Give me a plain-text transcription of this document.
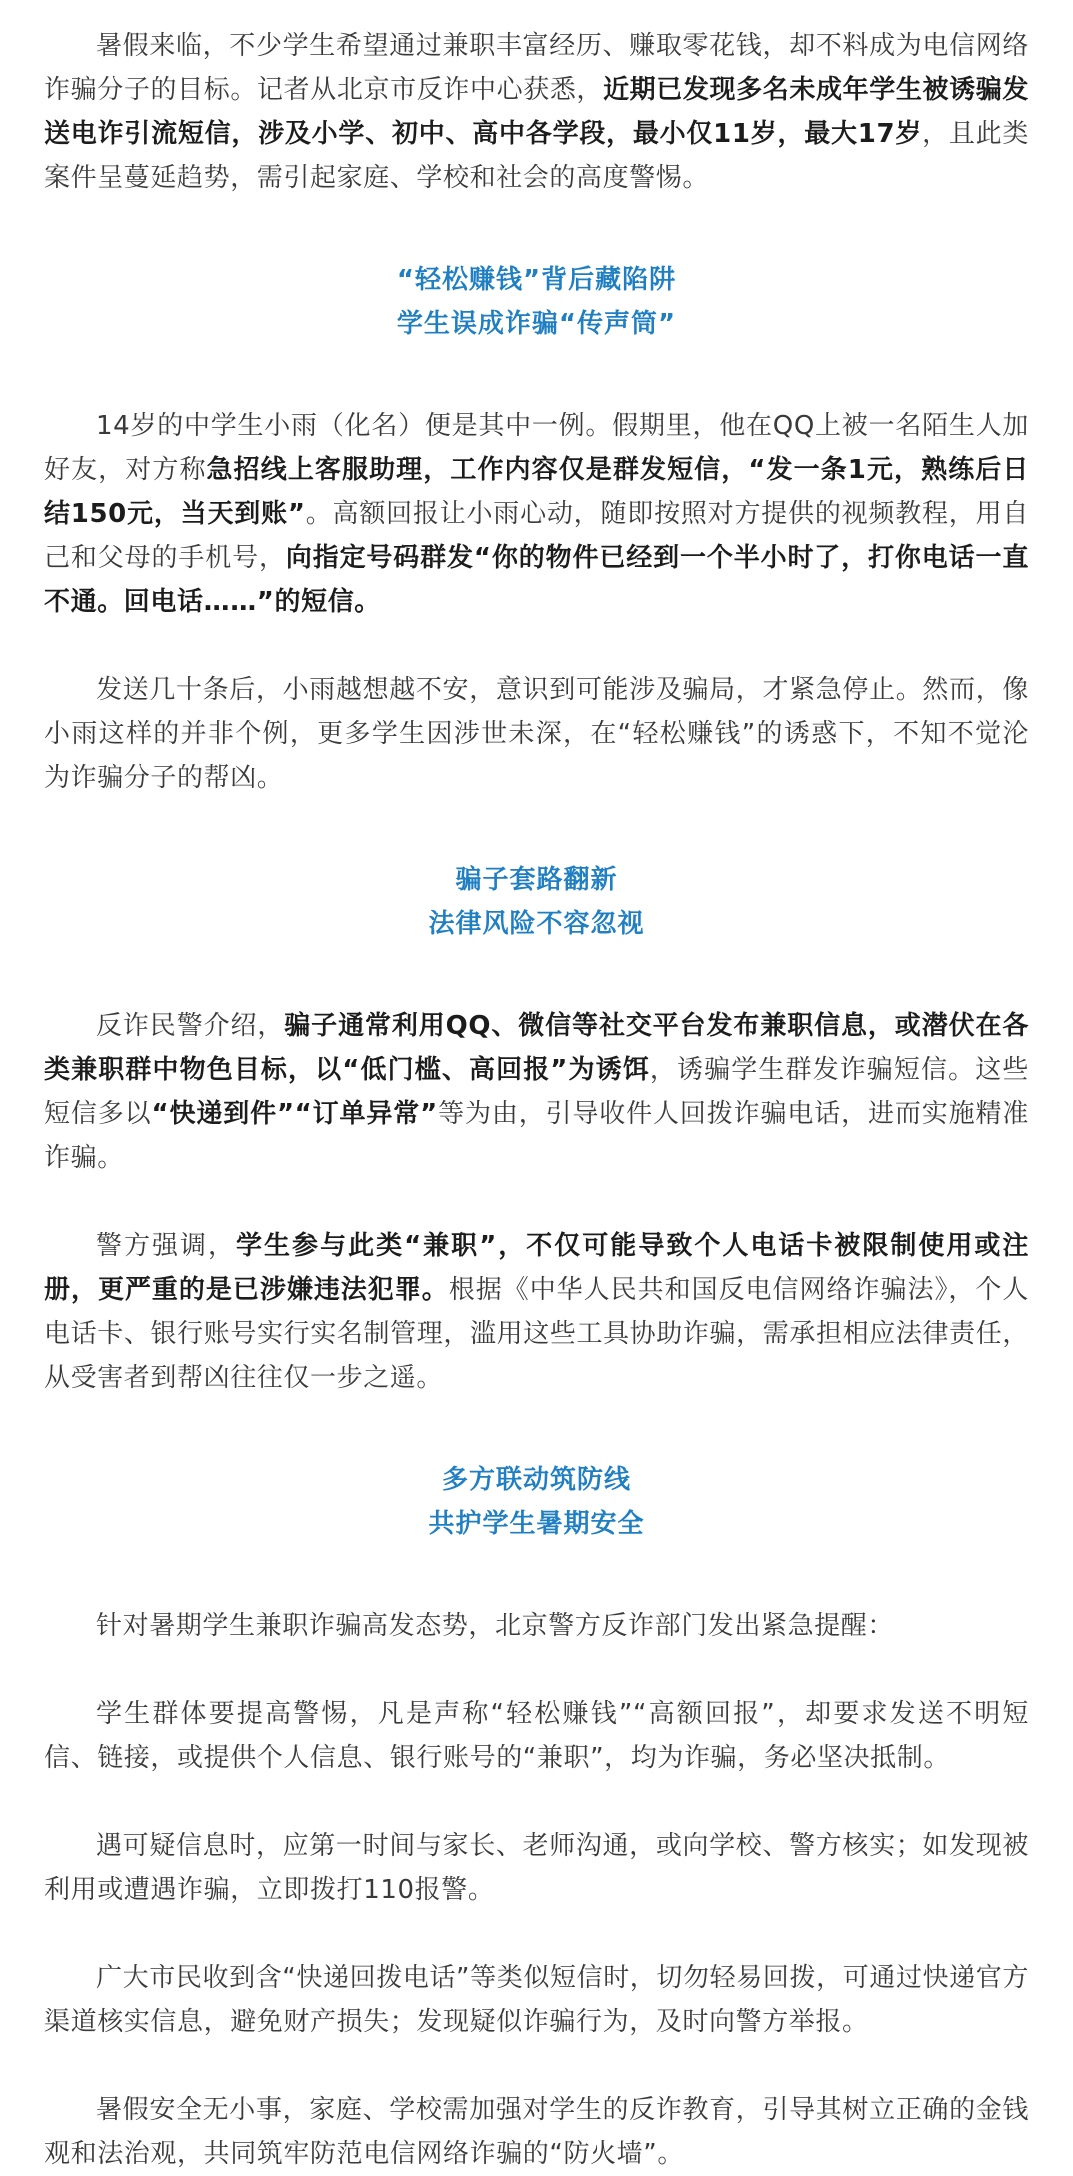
暑假来临，不少学生希望通过兼职丰富经历、赚取零花钱，却不料成为电信网络诈骗分子的目标。记者从北京市反诈中心获悉，近期已发现多名未成年学生被诱骗发送电诈引流短信，涉及小学、初中、高中各学段，最小仅11岁，最大17岁，且此类案件呈蔓延趋势，需引起家庭、学校和社会的高度警惕。

“轻松赚钱”背后藏陷阱
学生误成诈骗“传声筒”

14岁的中学生小雨（化名）便是其中一例。假期里，他在QQ上被一名陌生人加好友，对方称急招线上客服助理，工作内容仅是群发短信，“发一条1元，熟练后日结150元，当天到账”。高额回报让小雨心动，随即按照对方提供的视频教程，用自己和父母的手机号，向指定号码群发“你的物件已经到一个半小时了，打你电话一直不通。回电话……”的短信。

发送几十条后，小雨越想越不安，意识到可能涉及骗局，才紧急停止。然而，像小雨这样的并非个例，更多学生因涉世未深，在“轻松赚钱”的诱惑下，不知不觉沦为诈骗分子的帮凶。

骗子套路翻新
法律风险不容忽视

反诈民警介绍，骗子通常利用QQ、微信等社交平台发布兼职信息，或潜伏在各类兼职群中物色目标，以“低门槛、高回报”为诱饵，诱骗学生群发诈骗短信。这些短信多以“快递到件”“订单异常”等为由，引导收件人回拨诈骗电话，进而实施精准诈骗。

警方强调，学生参与此类“兼职”，不仅可能导致个人电话卡被限制使用或注册，更严重的是已涉嫌违法犯罪。根据《中华人民共和国反电信网络诈骗法》，个人电话卡、银行账号实行实名制管理，滥用这些工具协助诈骗，需承担相应法律责任，从受害者到帮凶往往仅一步之遥。

多方联动筑防线
共护学生暑期安全

针对暑期学生兼职诈骗高发态势，北京警方反诈部门发出紧急提醒：

学生群体要提高警惕，凡是声称“轻松赚钱”“高额回报”，却要求发送不明短信、链接，或提供个人信息、银行账号的“兼职”，均为诈骗，务必坚决抵制。

遇可疑信息时，应第一时间与家长、老师沟通，或向学校、警方核实；如发现被利用或遭遇诈骗，立即拨打110报警。

广大市民收到含“快递回拨电话”等类似短信时，切勿轻易回拨，可通过快递官方渠道核实信息，避免财产损失；发现疑似诈骗行为，及时向警方举报。

暑假安全无小事，家庭、学校需加强对学生的反诈教育，引导其树立正确的金钱观和法治观，共同筑牢防范电信网络诈骗的“防火墙”。
